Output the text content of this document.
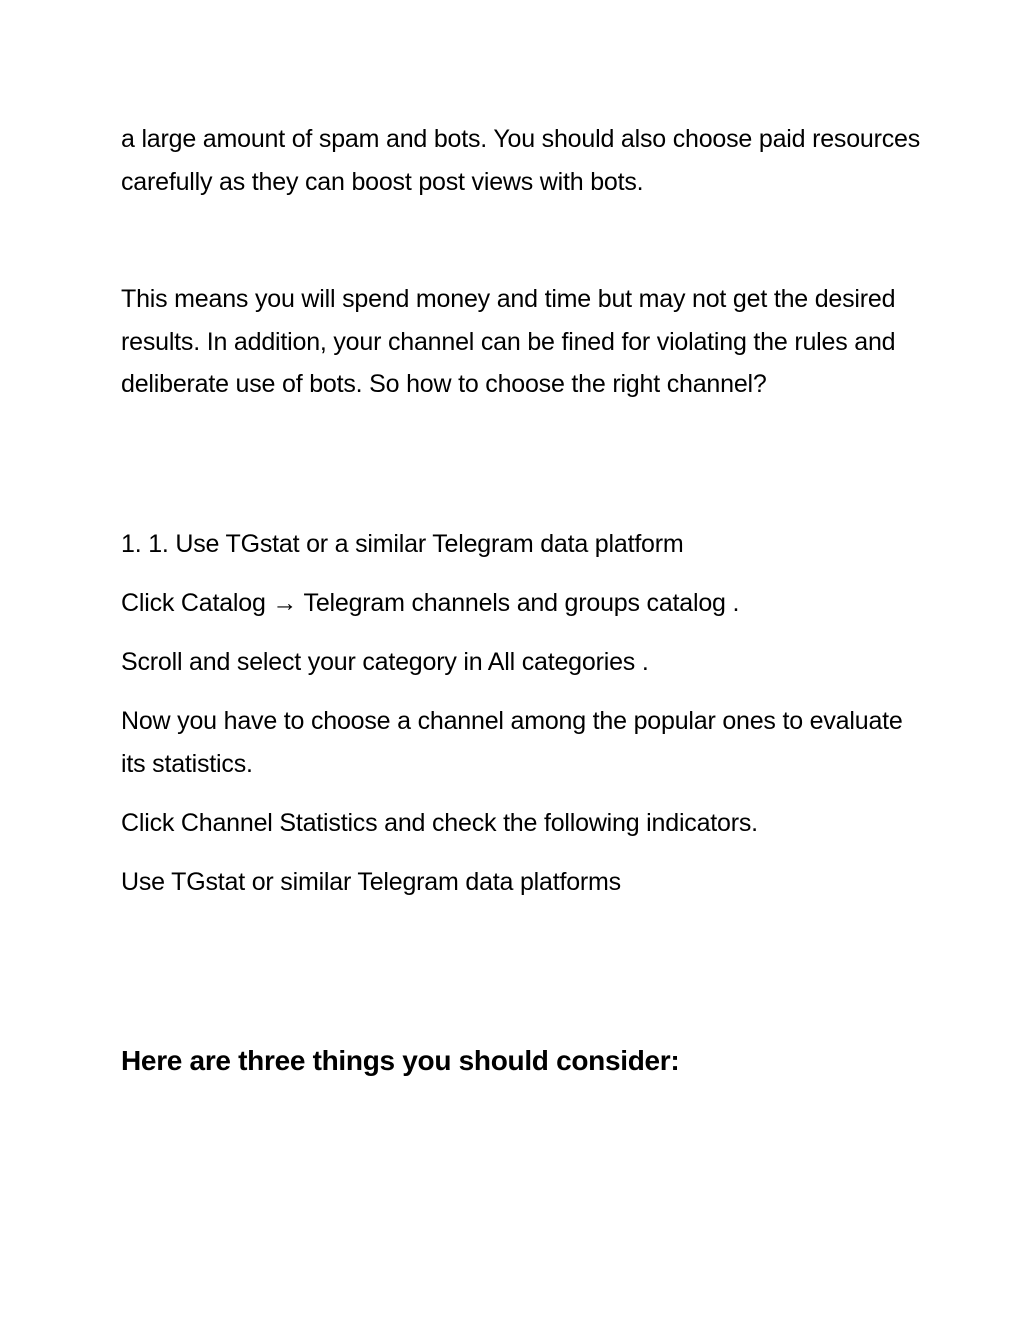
a large amount of spam and bots. You should also choose paid resources carefully as they can boost post views with bots.

This means you will spend money and time but may not get the desired results. In addition, your channel can be fined for violating the rules and deliberate use of bots. So how to choose the right channel?

1. 1. Use TGstat or a similar Telegram data platform

Click Catalog → Telegram channels and groups catalog .

Scroll and select your category in All categories .

Now you have to choose a channel among the popular ones to evaluate its statistics.

Click Channel Statistics and check the following indicators.

Use TGstat or similar Telegram data platforms

Here are three things you should consider:
